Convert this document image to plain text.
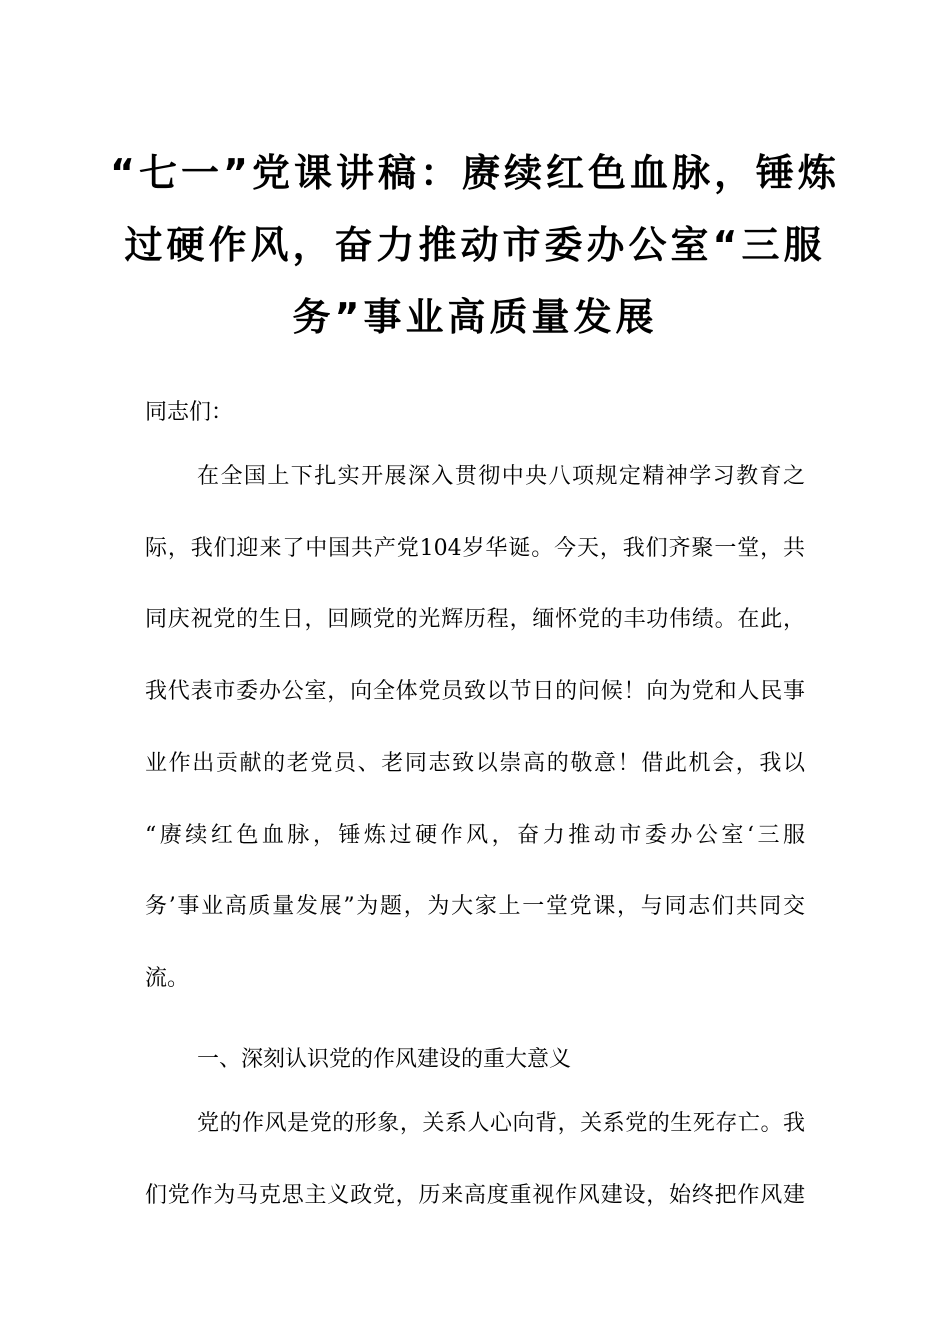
“七一”党课讲稿：赓续红色血脉，锤炼
过硬作风，奋力推动市委办公室“三服
务”事业高质量发展
同志们：
在全国上下扎实开展深入贯彻中央八项规定精神学习教育之
际，我们迎来了中国共产党104岁华诞。今天，我们齐聚一堂，共
同庆祝党的生日，回顾党的光辉历程，缅怀党的丰功伟绩。在此，
我代表市委办公室，向全体党员致以节日的问候！向为党和人民事
业作出贡献的老党员、老同志致以崇高的敬意！借此机会，我以
“赓续红色血脉，锤炼过硬作风，奋力推动市委办公室‘三服
务’事业高质量发展”为题，为大家上一堂党课，与同志们共同交
流。
一、深刻认识党的作风建设的重大意义
党的作风是党的形象，关系人心向背，关系党的生死存亡。我
们党作为马克思主义政党，历来高度重视作风建设，始终把作风建
